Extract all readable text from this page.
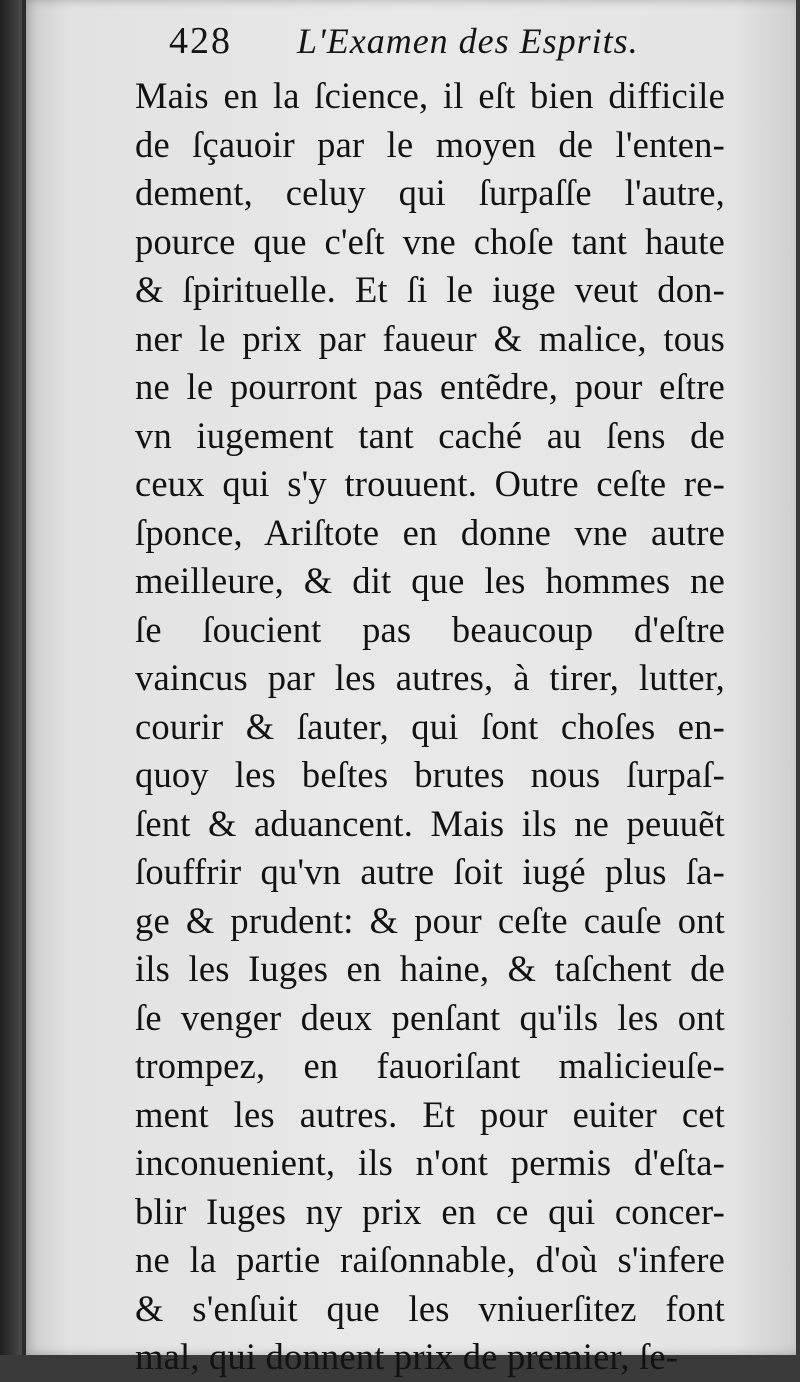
428 L'Examen des Esprits.
Mais en la ſcience, il eſt bien difficile
de ſçauoir par le moyen de l'enten-
dement, celuy qui ſurpaſſe l'autre,
pource que c'eſt vne choſe tant haute
& ſpirituelle. Et ſi le iuge veut don-
ner le prix par faueur & malice, tous
ne le pourront pas entẽdre, pour eſtre
vn iugement tant caché au ſens de
ceux qui s'y trouuent. Outre ceſte re-
ſponce, Ariſtote en donne vne autre
meilleure, & dit que les hommes ne
ſe ſoucient pas beaucoup d'eſtre
vaincus par les autres, à tirer, lutter,
courir & ſauter, qui ſont choſes en-
quoy les beſtes brutes nous ſurpaſ-
ſent & aduancent. Mais ils ne peuuẽt
ſouffrir qu'vn autre ſoit iugé plus ſa-
ge & prudent: & pour ceſte cauſe ont
ils les Iuges en haine, & taſchent de
ſe venger deux penſant qu'ils les ont
trompez, en fauoriſant malicieuſe-
ment les autres. Et pour euiter cet
inconuenient, ils n'ont permis d'eſta-
blir Iuges ny prix en ce qui concer-
ne la partie raiſonnable, d'où s'infere
& s'enſuit que les vniuerſitez font
mal, qui donnent prix de premier, ſe-
